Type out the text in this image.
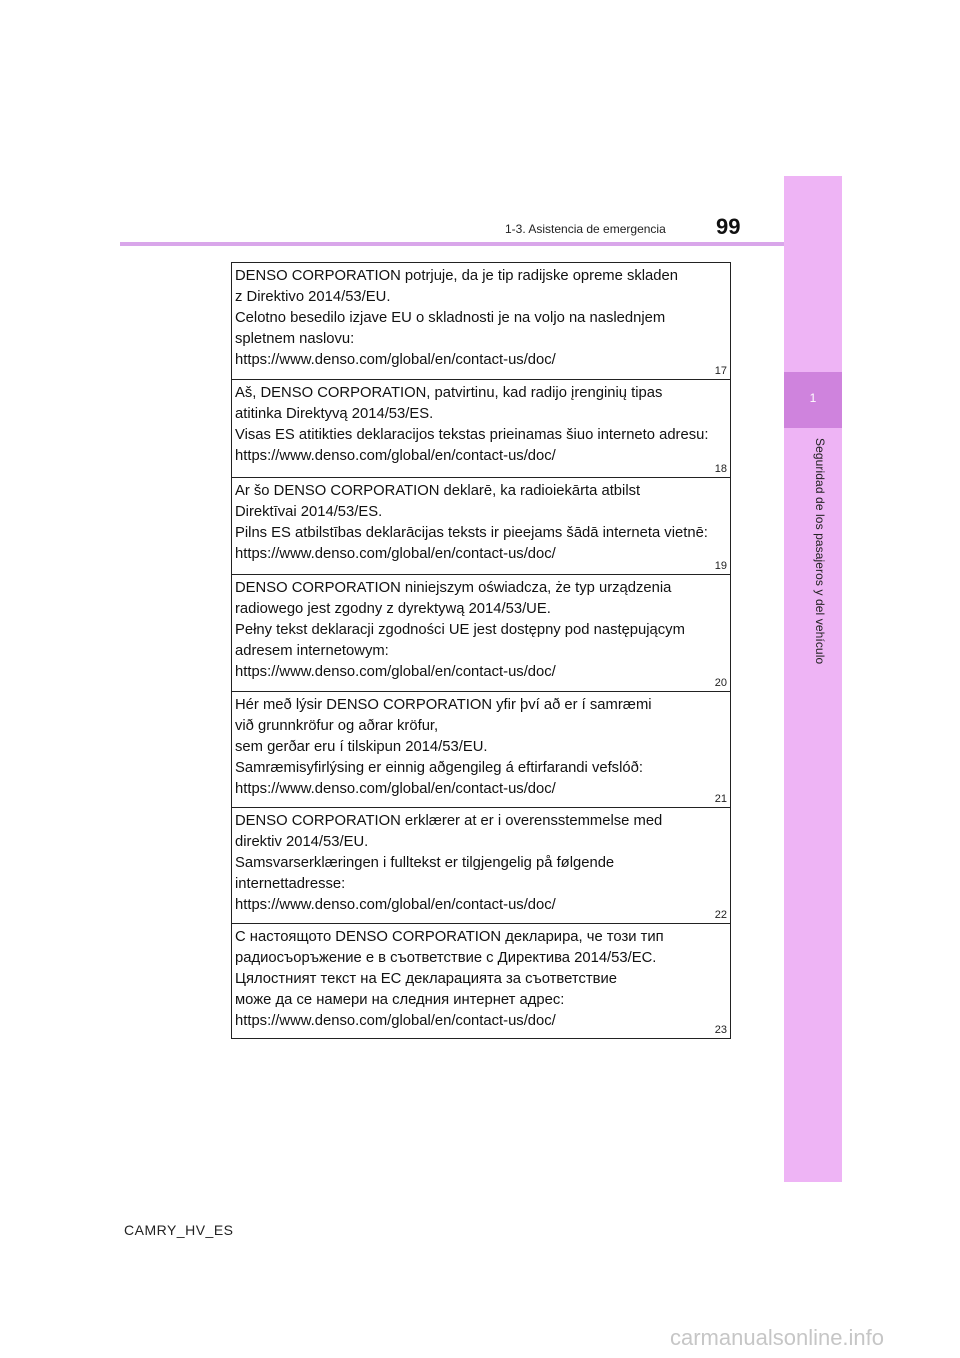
1-3. Asistencia de emergencia 99
1
Seguridad de los pasajeros y del vehículo
DENSO CORPORATION potrjuje, da je tip radijske opreme skladen
z Direktivo 2014/53/EU.
Celotno besedilo izjave EU o skladnosti je na voljo na naslednjem
spletnem naslovu:
https://www.denso.com/global/en/contact-us/doc/
17
Aš, DENSO CORPORATION, patvirtinu, kad radijo įrenginių tipas
atitinka Direktyvą 2014/53/ES.
Visas ES atitikties deklaracijos tekstas prieinamas šiuo interneto adresu:
https://www.denso.com/global/en/contact-us/doc/
18
Ar šo DENSO CORPORATION deklarē, ka radioiekārta atbilst
Direktīvai 2014/53/ES.
Pilns ES atbilstības deklarācijas teksts ir pieejams šādā interneta vietnē:
https://www.denso.com/global/en/contact-us/doc/
19
DENSO CORPORATION niniejszym oświadcza, że typ urządzenia
radiowego jest zgodny z dyrektywą 2014/53/UE.
Pełny tekst deklaracji zgodności UE jest dostępny pod następującym
adresem internetowym:
https://www.denso.com/global/en/contact-us/doc/
20
Hér með lýsir DENSO CORPORATION yfir því að er í samræmi
við grunnkröfur og aðrar kröfur,
sem gerðar eru í tilskipun 2014/53/EU.
Samræmisyfirlýsing er einnig aðgengileg á eftirfarandi vefslóð:
https://www.denso.com/global/en/contact-us/doc/
21
DENSO CORPORATION erklærer at er i overensstemmelse med
direktiv 2014/53/EU.
Samsvarserklæringen i fulltekst er tilgjengelig på følgende
internettadresse:
https://www.denso.com/global/en/contact-us/doc/
22
С настоящото DENSO CORPORATION декларира, че този тип
радиосъоръжение е в съответствие с Директива 2014/53/ЕС.
Цялостният текст на ЕС декларацията за съответствие
може да се намери на следния интернет адрес:
https://www.denso.com/global/en/contact-us/doc/
23
CAMRY_HV_ES
carmanualsonline.info
